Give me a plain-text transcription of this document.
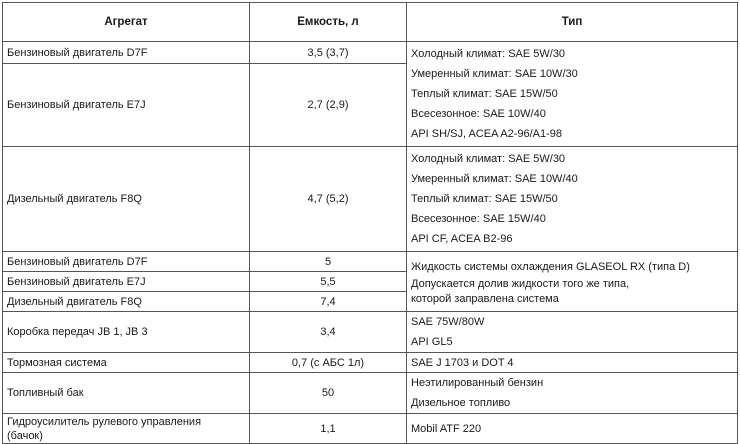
Агрегат	Емкость, л	Тип
Бензиновый двигатель D7F	3,5 (3,7)	Холодный климат: SAE 5W/30
Умеренный климат: SAE 10W/30
Теплый климат: SAE 15W/50
Всесезонное: SAE 10W/40
API SH/SJ, ACEA A2-96/A1-98

Бензиновый двигатель E7J	2,7 (2,9)	
Дизельный двигатель F8Q	4,7 (5,2)	Холодный климат: SAE 5W/30
Умеренный климат: SAE 10W/40
Теплый климат: SAE 15W/50
Всесезонное: SAE 15W/40
API CF, ACEA B2-96

Бензиновый двигатель D7F	5	Жидкость системы охлаждения GLASEOL RX (типа D)
Допускается долив жидкости того же типа,
которой заправлена система

Бензиновый двигатель E7J	5,5	
Дизельный двигатель F8Q	7,4	
Коробка передач JB 1, JB 3	3,4	SAE 75W/80W
API GL5

Тормозная система	0,7 (с АБС 1л)	SAE J 1703 и DOT 4
Топливный бак	50	Неэтилированный бензин
Дизельное топливо

Гидроусилитель рулевого управления
(бачок)	1,1	Mobil ATF 220
